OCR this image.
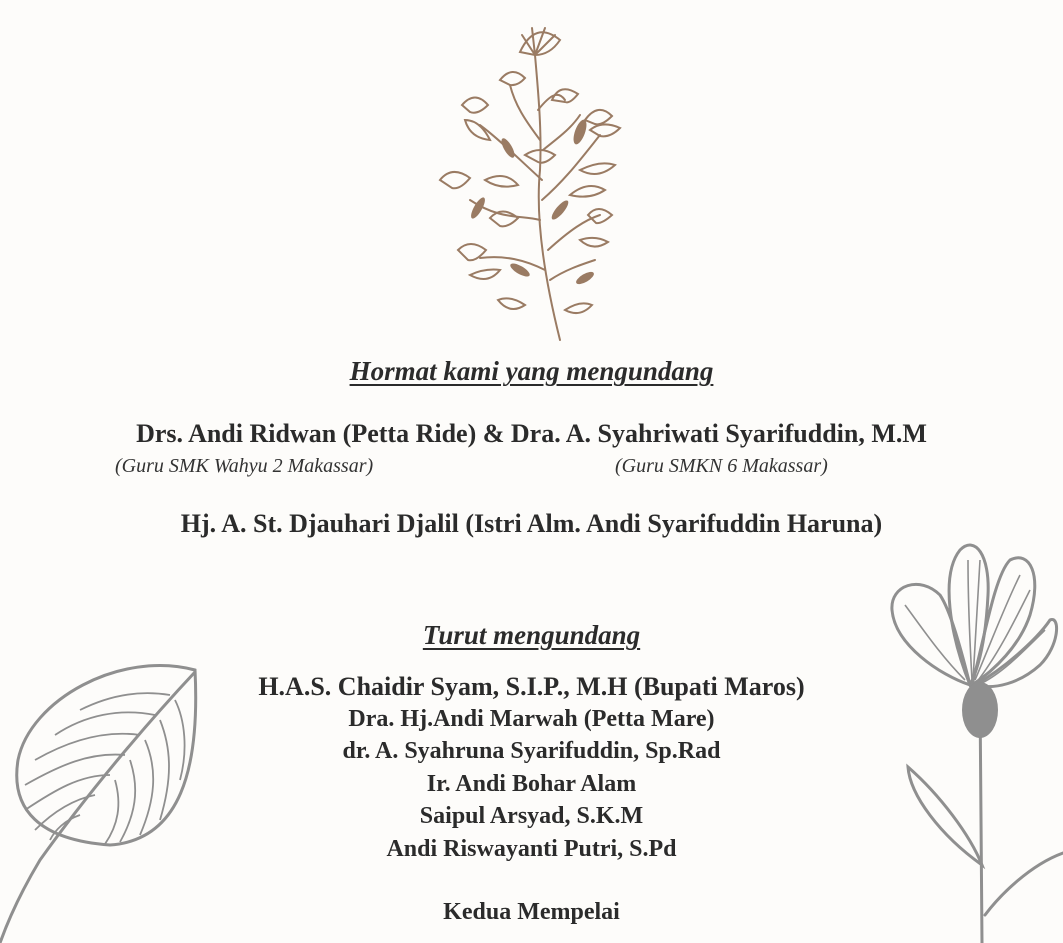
Hormat kami yang mengundang
Drs. Andi Ridwan (Petta Ride) & Dra. A. Syahriwati Syarifuddin, M.M
(Guru SMK Wahyu 2 Makassar)	(Guru SMKN 6 Makassar)
Hj. A. St. Djauhari Djalil (Istri Alm. Andi Syarifuddin Haruna)
Turut mengundang
H.A.S. Chaidir Syam, S.I.P., M.H (Bupati Maros)
Dra. Hj.Andi Marwah (Petta Mare)
dr. A. Syahruna Syarifuddin, Sp.Rad
Ir. Andi Bohar Alam
Saipul Arsyad, S.K.M
Andi Riswayanti Putri, S.Pd
Kedua Mempelai
